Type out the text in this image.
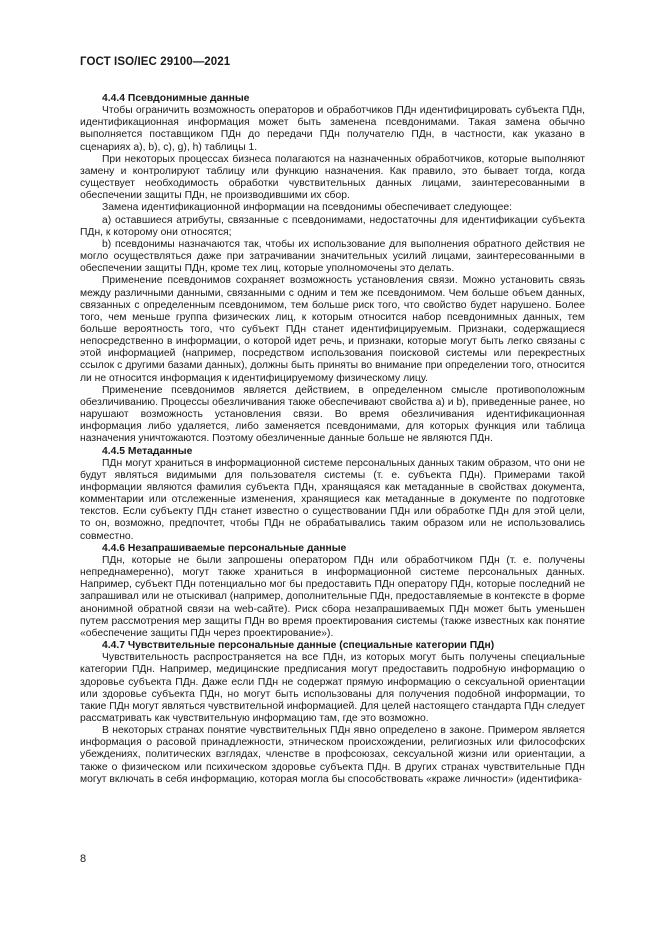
ГОСТ ISO/IEC 29100—2021

4.4.4 Псевдонимные данные

Чтобы ограничить возможность операторов и обработчиков ПДн идентифицировать субъекта ПДн, идентификационная информация может быть заменена псевдонимами. Такая замена обычно выполняется поставщиком ПДн до передачи ПДн получателю ПДн, в частности, как указано в сценариях a), b), c), g), h) таблицы 1.

При некоторых процессах бизнеса полагаются на назначенных обработчиков, которые выполняют замену и контролируют таблицу или функцию назначения. Как правило, это бывает тогда, когда существует необходимость обработки чувствительных данных лицами, заинтересованными в обеспечении защиты ПДн, не производившими их сбор.

Замена идентификационной информации на псевдонимы обеспечивает следующее:

a) оставшиеся атрибуты, связанные с псевдонимами, недостаточны для идентификации субъекта ПДн, к которому они относятся;

b) псевдонимы назначаются так, чтобы их использование для выполнения обратного действия не могло осуществляться даже при затрачивании значительных усилий лицами, заинтересованными в обеспечении защиты ПДн, кроме тех лиц, которые уполномочены это делать.

Применение псевдонимов сохраняет возможность установления связи. Можно установить связь между различными данными, связанными с одним и тем же псевдонимом. Чем больше объем данных, связанных с определенным псевдонимом, тем больше риск того, что свойство будет нарушено. Более того, чем меньше группа физических лиц, к которым относится набор псевдонимных данных, тем больше вероятность того, что субъект ПДн станет идентифицируемым. Признаки, содержащиеся непосредственно в информации, о которой идет речь, и признаки, которые могут быть легко связаны с этой информацией (например, посредством использования поисковой системы или перекрестных ссылок с другими базами данных), должны быть приняты во внимание при определении того, относится ли не относится информация к идентифицируемому физическому лицу.

Применение псевдонимов является действием, в определенном смысле противоположным обезличиванию. Процессы обезличивания также обеспечивают свойства a) и b), приведенные ранее, но нарушают возможность установления связи. Во время обезличивания идентификационная информация либо удаляется, либо заменяется псевдонимами, для которых функция или таблица назначения уничтожаются. Поэтому обезличенные данные больше не являются ПДн.

4.4.5 Метаданные

ПДн могут храниться в информационной системе персональных данных таким образом, что они не будут являться видимыми для пользователя системы (т. е. субъекта ПДн). Примерами такой информации являются фамилия субъекта ПДн, хранящаяся как метаданные в свойствах документа, комментарии или отслеженные изменения, хранящиеся как метаданные в документе по подготовке текстов. Если субъекту ПДн станет известно о существовании ПДн или обработке ПДн для этой цели, то он, возможно, предпочтет, чтобы ПДн не обрабатывались таким образом или не использовались совместно.

4.4.6 Незапрашиваемые персональные данные

ПДн, которые не были запрошены оператором ПДн или обработчиком ПДн (т. е. получены непреднамеренно), могут также храниться в информационной системе персональных данных. Например, субъект ПДн потенциально мог бы предоставить ПДн оператору ПДн, которые последний не запрашивал или не отыскивал (например, дополнительные ПДн, предоставляемые в контексте в форме анонимной обратной связи на web-сайте). Риск сбора незапрашиваемых ПДн может быть уменьшен путем рассмотрения мер защиты ПДн во время проектирования системы (также известных как понятие «обеспечение защиты ПДн через проектирование»).

4.4.7 Чувствительные персональные данные (специальные категории ПДн)

Чувствительность распространяется на все ПДн, из которых могут быть получены специальные категории ПДн. Например, медицинские предписания могут предоставить подробную информацию о здоровье субъекта ПДн. Даже если ПДн не содержат прямую информацию о сексуальной ориентации или здоровье субъекта ПДн, но могут быть использованы для получения подобной информации, то такие ПДн могут являться чувствительной информацией. Для целей настоящего стандарта ПДн следует рассматривать как чувствительную информацию там, где это возможно.

В некоторых странах понятие чувствительных ПДн явно определено в законе. Примером является информация о расовой принадлежности, этническом происхождении, религиозных или философских убеждениях, политических взглядах, членстве в профсоюзах, сексуальной жизни или ориентации, а также о физическом или психическом здоровье субъекта ПДн. В других странах чувствительные ПДн могут включать в себя информацию, которая могла бы способствовать «краже личности» (идентифика-

8
